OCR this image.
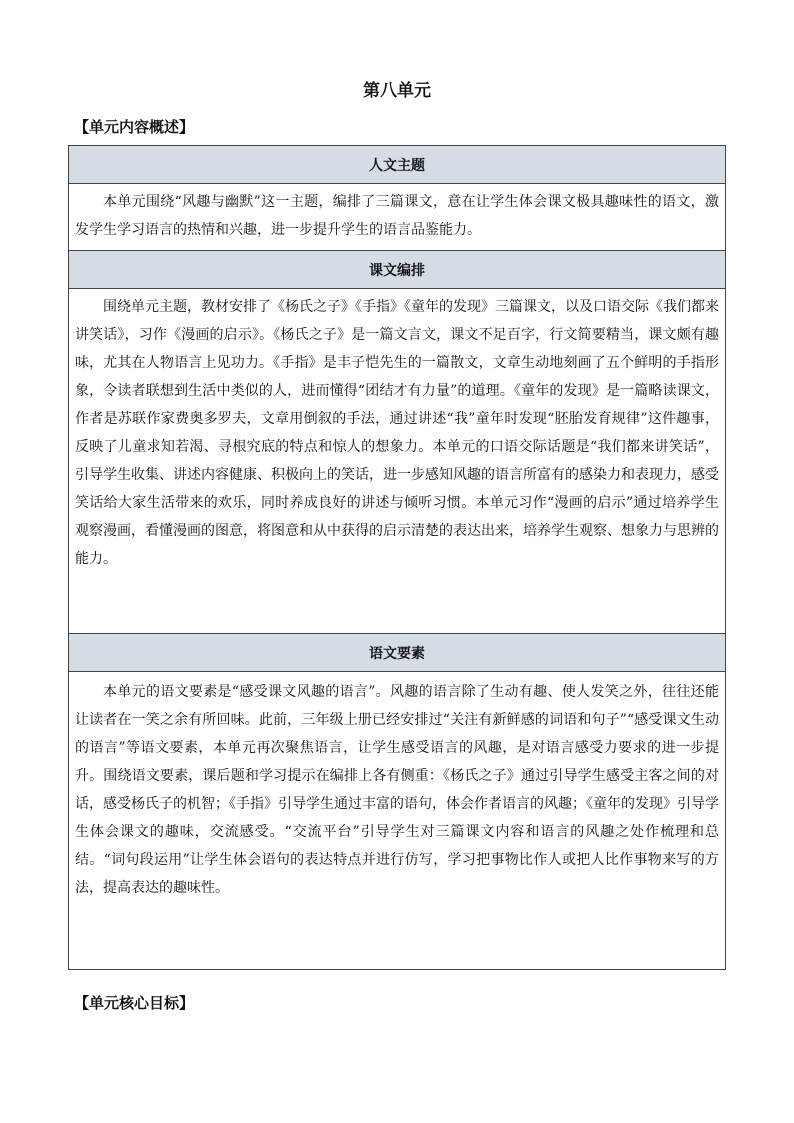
第八单元
【单元内容概述】
人文主题
本单元围绕“风趣与幽默”这一主题，编排了三篇课文，意在让学生体会课文极具趣味性的语文，激发学生学习语言的热情和兴趣，进一步提升学生的语言品鉴能力。
课文编排
围绕单元主题，教材安排了《杨氏之子》《手指》《童年的发现》三篇课文，以及口语交际《我们都来讲笑话》，习作《漫画的启示》。《杨氏之子》是一篇文言文，课文不足百字，行文简要精当，课文颇有趣味，尤其在人物语言上见功力。《手指》是丰子恺先生的一篇散文，文章生动地刻画了五个鲜明的手指形象，令读者联想到生活中类似的人，进而懂得“团结才有力量”的道理。《童年的发现》是一篇略读课文，作者是苏联作家费奥多罗夫，文章用倒叙的手法，通过讲述“我”童年时发现“胚胎发育规律”这件趣事，反映了儿童求知若渴、寻根究底的特点和惊人的想象力。本单元的口语交际话题是“我们都来讲笑话”，引导学生收集、讲述内容健康、积极向上的笑话，进一步感知风趣的语言所富有的感染力和表现力，感受笑话给大家生活带来的欢乐，同时养成良好的讲述与倾听习惯。本单元习作“漫画的启示”通过培养学生观察漫画，看懂漫画的图意，将图意和从中获得的启示清楚的表达出来，培养学生观察、想象力与思辨的能力。
语文要素
本单元的语文要素是“感受课文风趣的语言”。风趣的语言除了生动有趣、使人发笑之外，往往还能让读者在一笑之余有所回味。此前，三年级上册已经安排过“关注有新鲜感的词语和句子”“感受课文生动的语言”等语文要素，本单元再次聚焦语言，让学生感受语言的风趣，是对语言感受力要求的进一步提升。围绕语文要素，课后题和学习提示在编排上各有侧重：《杨氏之子》通过引导学生感受主客之间的对话，感受杨氏子的机智；《手指》引导学生通过丰富的语句，体会作者语言的风趣；《童年的发现》引导学生体会课文的趣味，交流感受。“交流平台”引导学生对三篇课文内容和语言的风趣之处作梳理和总结。“词句段运用”让学生体会语句的表达特点并进行仿写，学习把事物比作人或把人比作事物来写的方法，提高表达的趣味性。
【单元核心目标】
